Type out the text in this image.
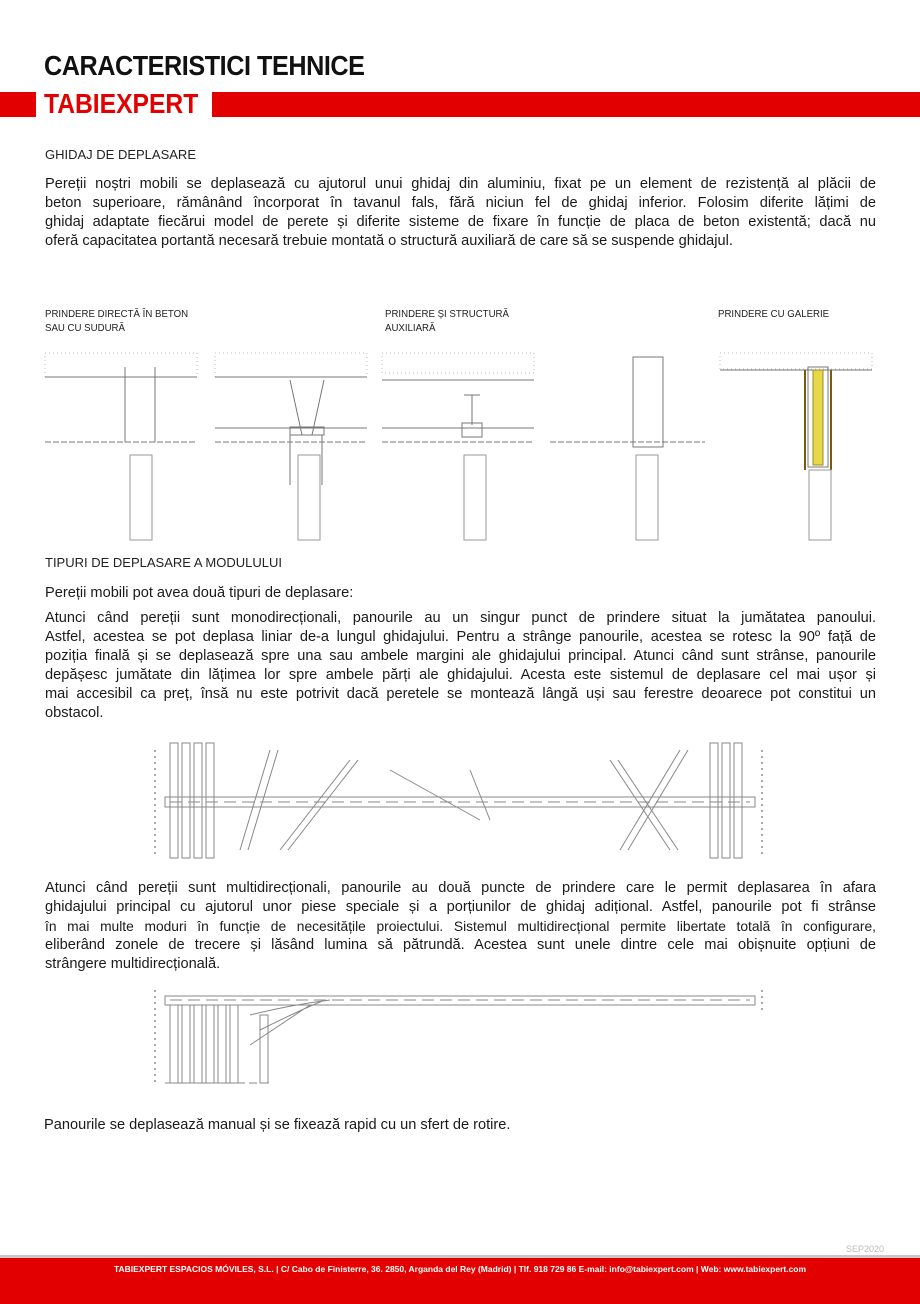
CARACTERISTICI TEHNICE
TABIEXPERT
GHIDAJ DE DEPLASARE
Pereții noștri mobili se deplasează cu ajutorul unui ghidaj din aluminiu, fixat pe un element de rezistență al plăcii de
beton superioare, rămânând încorporat în tavanul fals, fără niciun fel de ghidaj inferior. Folosim diferite lățimi de
ghidaj adaptate fiecărui model de perete și diferite sisteme de fixare în funcție de placa de beton existentă; dacă nu
oferă capacitatea portantă necesară trebuie montată o structură auxiliară de care să se suspende ghidajul.
PRINDERE DIRECTĂ ÎN BETON
SAU CU SUDURĂ
PRINDERE ȘI STRUCTURĂ
AUXILIARĂ
PRINDERE CU GALERIE
TIPURI DE DEPLASARE A MODULULUI
Pereții mobili pot avea două tipuri de deplasare:
Atunci când pereții sunt monodirecționali, panourile au un singur punct de prindere situat la jumătatea panoului.
Astfel, acestea se pot deplasa liniar de-a lungul ghidajului. Pentru a strânge panourile, acestea se rotesc la 90º față de
poziția finală și se deplasează spre una sau ambele margini ale ghidajului principal. Atunci când sunt strânse, panourile
depășesc jumătate din lățimea lor spre ambele părți ale ghidajului. Acesta este sistemul de deplasare cel mai ușor și
mai accesibil ca preț, însă nu este potrivit dacă peretele se montează lângă uși sau ferestre deoarece pot constitui un
obstacol.
Atunci când pereții sunt multidirecționali, panourile au două puncte de prindere care le permit deplasarea în afara
ghidajului principal cu ajutorul unor piese speciale și a porțiunilor de ghidaj adițional. Astfel, panourile pot fi strânse
în mai multe moduri în funcție de necesitățile proiectului. Sistemul multidirecțional permite libertate totală în configurare,
eliberând zonele de trecere și lăsând lumina să pătrundă. Acestea sunt unele dintre cele mai obișnuite opțiuni de
strângere multidirecțională.
Panourile se deplasează manual și se fixează rapid cu un sfert de rotire.
SEP2020
TABIEXPERT ESPACIOS MÓVILES, S.L. | C/ Cabo de Finisterre, 36. 2850, Arganda del Rey (Madrid) | Tlf. 918 729 86 E-mail: info@tabiexpert.com | Web: www.tabiexpert.com
